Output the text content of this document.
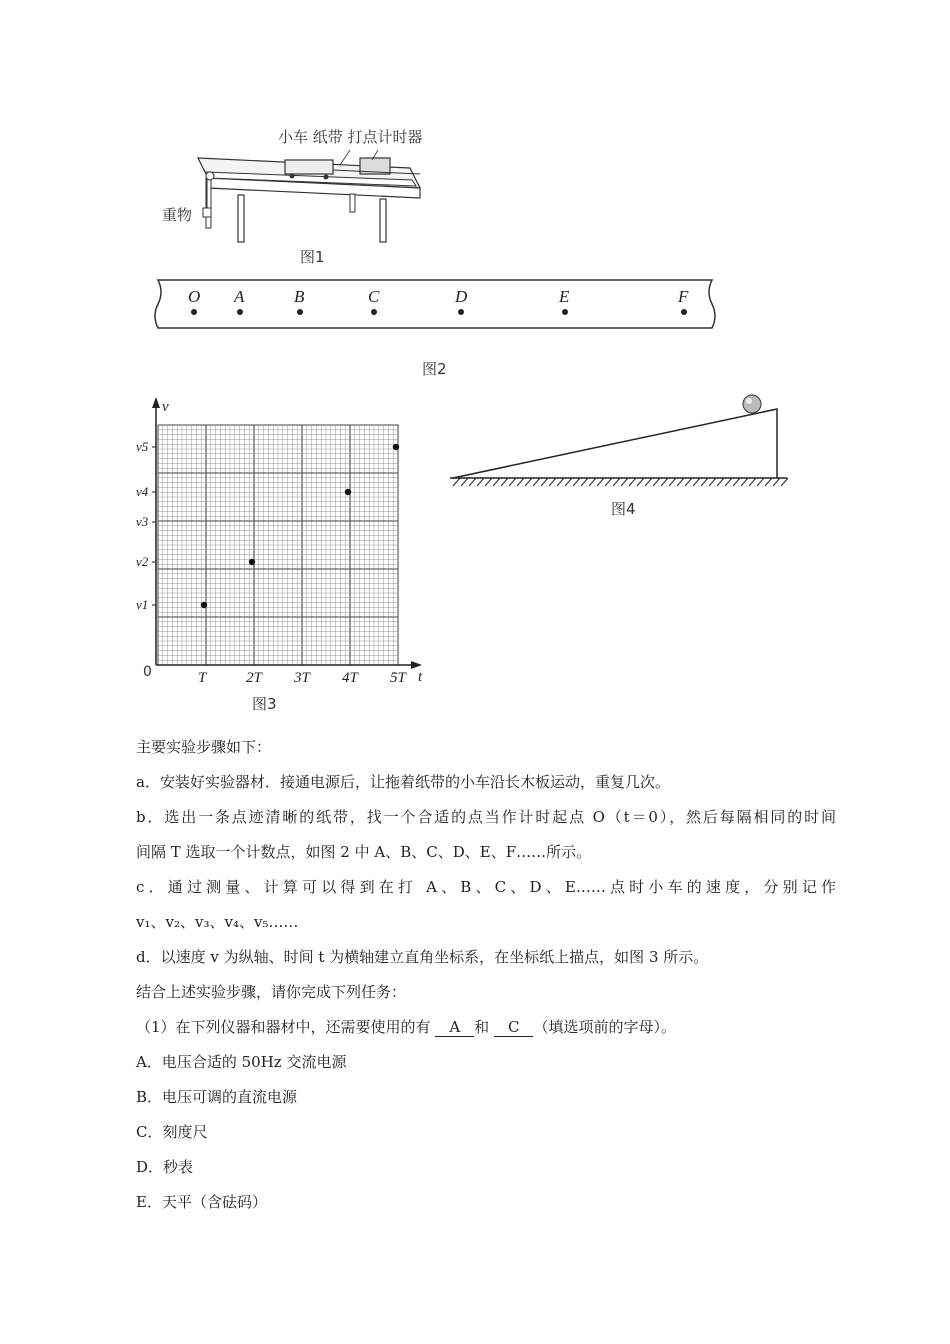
小车 纸带 打点计时器
重物
图1
O A	B	C	D	E	F
图2
v
t
0
v1
v2
v3
v4
v5
T	2T 3T 4T 5T
图3
图4

主要实验步骤如下：

a．安装好实验器材．接通电源后，让拖着纸带的小车沿长木板运动，重复几次。

b．选出一条点迹清晰的纸带，找一个合适的点当作计时起点 O（t＝0），然后每隔相同的时间

间隔 T 选取一个计数点，如图 2 中 A、B、C、D、E、F……所示。

c．通过测量、计算可以得到在打 A、B、C、D、E……点时小车的速度，分别记作

v₁、v₂、v₃、v₄、v₅……

d．以速度 v 为纵轴、时间 t 为横轴建立直角坐标系，在坐标纸上描点，如图 3 所示。

结合上述实验步骤，请你完成下列任务：

（1）在下列仪器和器材中，还需要使用的有 A 和 C （填选项前的字母）。

A．电压合适的 50Hz 交流电源

B．电压可调的直流电源

C．刻度尺

D．秒表

E．天平（含砝码）
